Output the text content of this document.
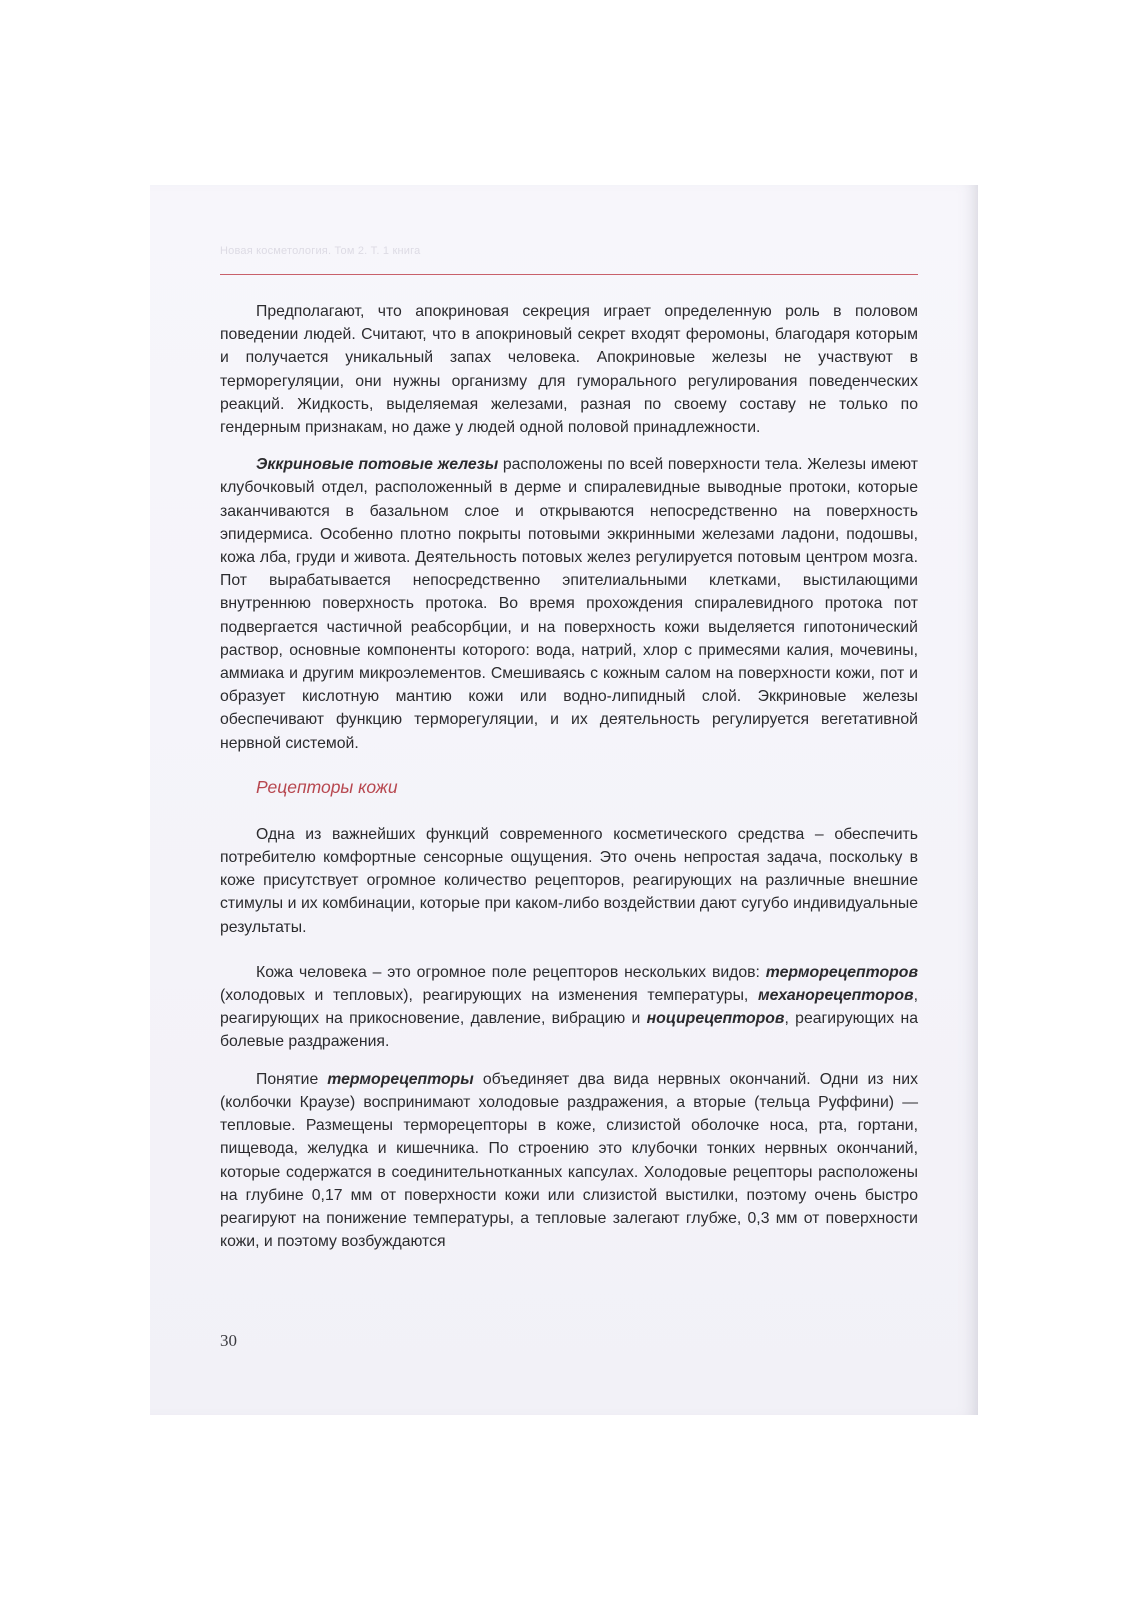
Новая косметология. Том 2. Т. 1 книга

Предполагают, что апокриновая секреция играет определенную роль в половом поведении людей. Считают, что в апокриновый секрет входят феромоны, благодаря которым и получается уникальный запах человека. Апокриновые железы не участвуют в терморегуляции, они нужны организму для гуморального регулирования поведенческих реакций. Жидкость, выделяемая железами, разная по своему составу не только по гендерным признакам, но даже у людей одной половой принадлежности.

Эккриновые потовые железы расположены по всей поверхности тела. Железы имеют клубочковый отдел, расположенный в дерме и спиралевидные выводные протоки, которые заканчиваются в базальном слое и открываются непосредственно на поверхность эпидермиса. Особенно плотно покрыты потовыми эккринными железами ладони, подошвы, кожа лба, груди и живота. Деятельность потовых желез регулируется потовым центром мозга. Пот вырабатывается непосредственно эпителиальными клетками, выстилающими внутреннюю поверхность протока. Во время прохождения спиралевидного протока пот подвергается частичной реабсорбции, и на поверхность кожи выделяется гипотонический раствор, основные компоненты которого: вода, натрий, хлор с примесями калия, мочевины, аммиака и другим микроэлементов. Смешиваясь с кожным салом на поверхности кожи, пот и образует кислотную мантию кожи или водно-липидный слой. Эккриновые железы обеспечивают функцию терморегуляции, и их деятельность регулируется вегетативной нервной системой.

Рецепторы кожи

Одна из важнейших функций современного косметического средства – обеспечить потребителю комфортные сенсорные ощущения. Это очень непростая задача, поскольку в коже присутствует огромное количество рецепторов, реагирующих на различные внешние стимулы и их комбинации, которые при каком-либо воздействии дают сугубо индивидуальные результаты.

Кожа человека – это огромное поле рецепторов нескольких видов: терморецепторов (холодовых и тепловых), реагирующих на изменения температуры, механорецепторов, реагирующих на прикосновение, давление, вибрацию и ноцирецепторов, реагирующих на болевые раздражения.

Понятие терморецепторы объединяет два вида нервных окончаний. Одни из них (колбочки Краузе) воспринимают холодовые раздражения, а вторые (тельца Руффини) — тепловые. Размещены терморецепторы в коже, слизистой оболочке носа, рта, гортани, пищевода, желудка и кишечника. По строению это клубочки тонких нервных окончаний, которые содержатся в соединительнотканных капсулах. Холодовые рецепторы расположены на глубине 0,17 мм от поверхности кожи или слизистой выстилки, поэтому очень быстро реагируют на понижение температуры, а тепловые залегают глубже, 0,3 мм от поверхности кожи, и поэтому возбуждаются

30
